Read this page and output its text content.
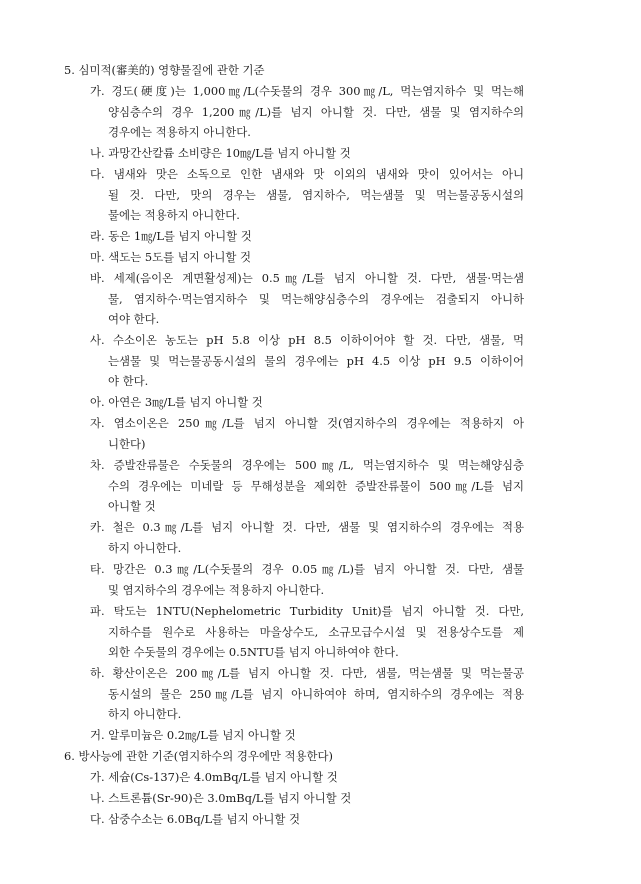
5. 심미적(審美的) 영향물질에 관한 기준
가. 경도(硬度)는 1,000㎎/L(수돗물의 경우 300㎎/L, 먹는염지하수 및 먹는해
양심층수의 경우 1,200㎎/L)를 넘지 아니할 것. 다만, 샘물 및 염지하수의
경우에는 적용하지 아니한다.
나. 과망간산칼륨 소비량은 10㎎/L를 넘지 아니할 것
다. 냄새와 맛은 소독으로 인한 냄새와 맛 이외의 냄새와 맛이 있어서는 아니
될 것. 다만, 맛의 경우는 샘물, 염지하수, 먹는샘물 및 먹는물공동시설의
물에는 적용하지 아니한다.
라. 동은 1㎎/L를 넘지 아니할 것
마. 색도는 5도를 넘지 아니할 것
바. 세제(음이온 계면활성제)는 0.5㎎/L를 넘지 아니할 것. 다만, 샘물·먹는샘
물, 염지하수·먹는염지하수 및 먹는해양심층수의 경우에는 검출되지 아니하
여야 한다.
사. 수소이온 농도는 pH 5.8 이상 pH 8.5 이하이어야 할 것. 다만, 샘물, 먹
는샘물 및 먹는물공동시설의 물의 경우에는 pH 4.5 이상 pH 9.5 이하이어
야 한다.
아. 아연은 3㎎/L를 넘지 아니할 것
자. 염소이온은 250㎎/L를 넘지 아니할 것(염지하수의 경우에는 적용하지 아
니한다)
차. 증발잔류물은 수돗물의 경우에는 500㎎/L, 먹는염지하수 및 먹는해양심층
수의 경우에는 미네랄 등 무해성분을 제외한 증발잔류물이 500㎎/L를 넘지
아니할 것
카. 철은 0.3㎎/L를 넘지 아니할 것. 다만, 샘물 및 염지하수의 경우에는 적용
하지 아니한다.
타. 망간은 0.3㎎/L(수돗물의 경우 0.05㎎/L)를 넘지 아니할 것. 다만, 샘물
및 염지하수의 경우에는 적용하지 아니한다.
파. 탁도는 1NTU(Nephelometric Turbidity Unit)를 넘지 아니할 것. 다만,
지하수를 원수로 사용하는 마을상수도, 소규모급수시설 및 전용상수도를 제
외한 수돗물의 경우에는 0.5NTU를 넘지 아니하여야 한다.
하. 황산이온은 200㎎/L를 넘지 아니할 것. 다만, 샘물, 먹는샘물 및 먹는물공
동시설의 물은 250㎎/L를 넘지 아니하여야 하며, 염지하수의 경우에는 적용
하지 아니한다.
거. 알루미늄은 0.2㎎/L를 넘지 아니할 것
6. 방사능에 관한 기준(염지하수의 경우에만 적용한다)
가. 세슘(Cs-137)은 4.0mBq/L를 넘지 아니할 것
나. 스트론튬(Sr-90)은 3.0mBq/L를 넘지 아니할 것
다. 삼중수소는 6.0Bq/L를 넘지 아니할 것
